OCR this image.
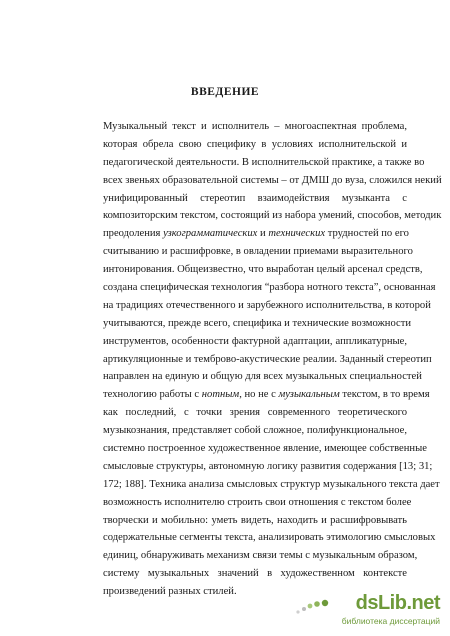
ВВЕДЕНИЕ
Музыкальный текст и исполнитель – многоаспектная проблема,
которая обрела свою специфику в условиях исполнительской и
педагогической деятельности. В исполнительской практике, а также во
всех звеньях образовательной системы – от ДМШ до вуза, сложился некий
унифицированный стереотип взаимодействия музыканта с
композиторским текстом, состоящий из набора умений, способов, методик
преодоления узкограмматических и технических трудностей по его
считыванию и расшифровке, в овладении приемами выразительного
интонирования. Общеизвестно, что выработан целый арсенал средств,
создана специфическая технология “разбора нотного текста”, основанная
на традициях отечественного и зарубежного исполнительства, в которой
учитываются, прежде всего, специфика и технические возможности
инструментов, особенности фактурной адаптации, аппликатурные,
артикуляционные и темброво-акустические реалии. Заданный стереотип
направлен на единую и общую для всех музыкальных специальностей
технологию работы с нотным, но не с музыкальным текстом, в то время
как последний, с точки зрения современного теоретического
музыкознания, представляет собой сложное, полифункциональное,
системно построенное художественное явление, имеющее собственные
смысловые структуры, автономную логику развития содержания [13; 31;
172; 188]. Техника анализа смысловых структур музыкального текста дает
возможность исполнителю строить свои отношения с текстом более
творчески и мобильно: уметь видеть, находить и расшифровывать
содержательные сегменты текста, анализировать этимологию смысловых
единиц, обнаруживать механизм связи темы с музыкальным образом,
систему музыкальных значений в художественном контексте
произведений разных стилей.
dsLib.net
библиотека диссертаций
